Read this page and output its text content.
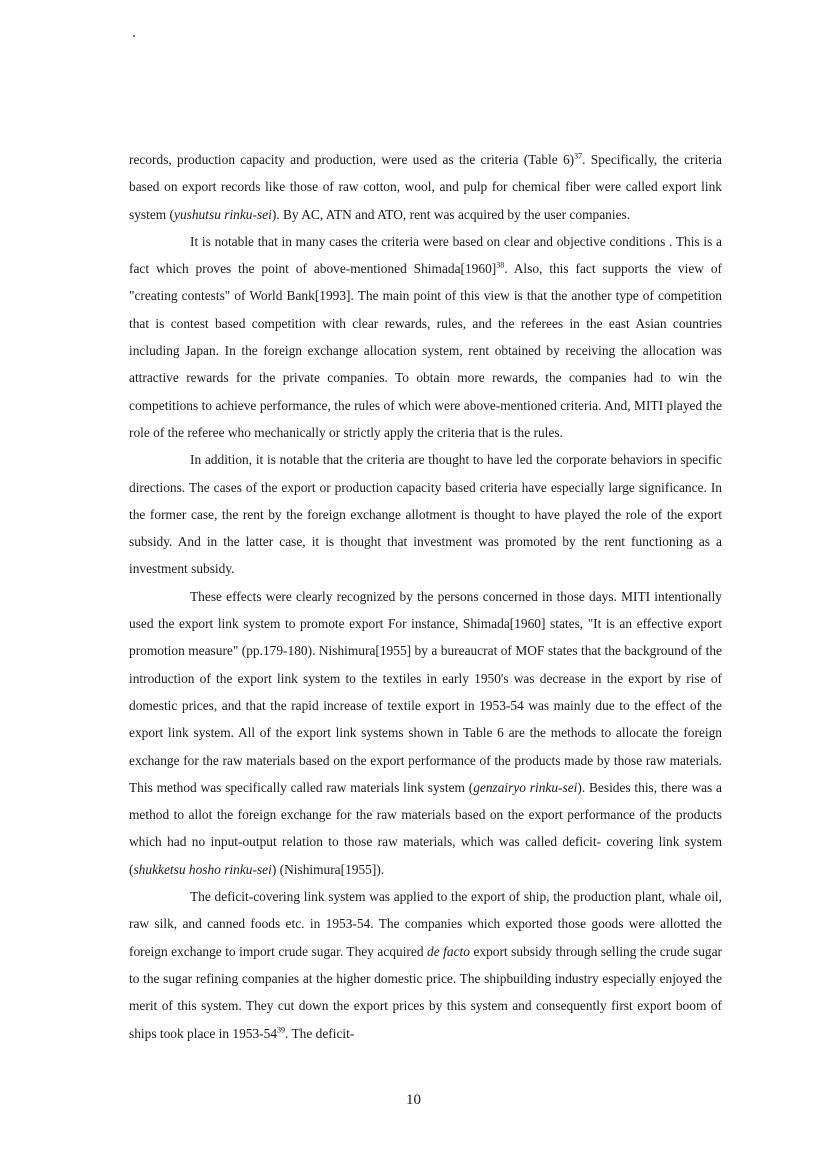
records, production capacity and production, were used as the criteria (Table 6)$^{37}$. Specifically, the criteria based on export records like those of raw cotton, wool, and pulp for chemical fiber were called export link system (yushutsu rinku-sei). By AC, ATN and ATO, rent was acquired by the user companies.

It is notable that in many cases the criteria were based on clear and objective conditions . This is a fact which proves the point of above-mentioned $Shimada[1960]^{38}$. Also, this fact supports the view of "creating contests" of World Bank[1993]. The main point of this view is that the another type of competition that is contest based competition with clear rewards, rules, and the referees in the east Asian countries including Japan. In the foreign exchange allocation system, rent obtained by receiving the allocation was attractive rewards for the private companies. To obtain more rewards, the companies had to win the competitions to achieve performance, the rules of which were above-mentioned criteria. And, MITI played the role of the referee who mechanically or strictly apply the criteria that is the rules.

In addition, it is notable that the criteria are thought to have led the corporate behaviors in specific directions. The cases of the export or production capacity based criteria have especially large significance. In the former case, the rent by the foreign exchange allotment is thought to have played the role of the export subsidy. And in the latter case, it is thought that investment was promoted by the rent functioning as a investment subsidy.

These effects were clearly recognized by the persons concerned in those days. MITI intentionally used the export link system to promote export For instance, Shimada[1960] states, "It is an effective export promotion measure" (pp.179-180). Nishimura[1955] by a bureaucrat of MOF states that the background of the introduction of the export link system to the textiles in early 1950's was decrease in the export by rise of domestic prices, and that the rapid increase of textile export in 1953-54 was mainly due to the effect of the export link system. All of the export link systems shown in Table 6 are the methods to allocate the foreign exchange for the raw materials based on the export performance of the products made by those raw materials. This method was specifically called raw materials link system (genzairyo rinku-sei). Besides this, there was a method to allot the foreign exchange for the raw materials based on the export performance of the products which had no input-output relation to those raw materials, which was called deficit- covering link system (shukketsu hosho rinku-sei) (Nishimura[1955]).

The deficit-covering link system was applied to the export of ship, the production plant, whale oil, raw silk, and canned foods etc. in 1953-54. The companies which exported those goods were allotted the foreign exchange to import crude sugar. They acquired de facto export subsidy through selling the crude sugar to the sugar refining companies at the higher domestic price. The shipbuilding industry especially enjoyed the merit of this system. They cut down the export prices by this system and consequently first export boom of ships took place in $1953-54^{39}$. The deficit-

10
